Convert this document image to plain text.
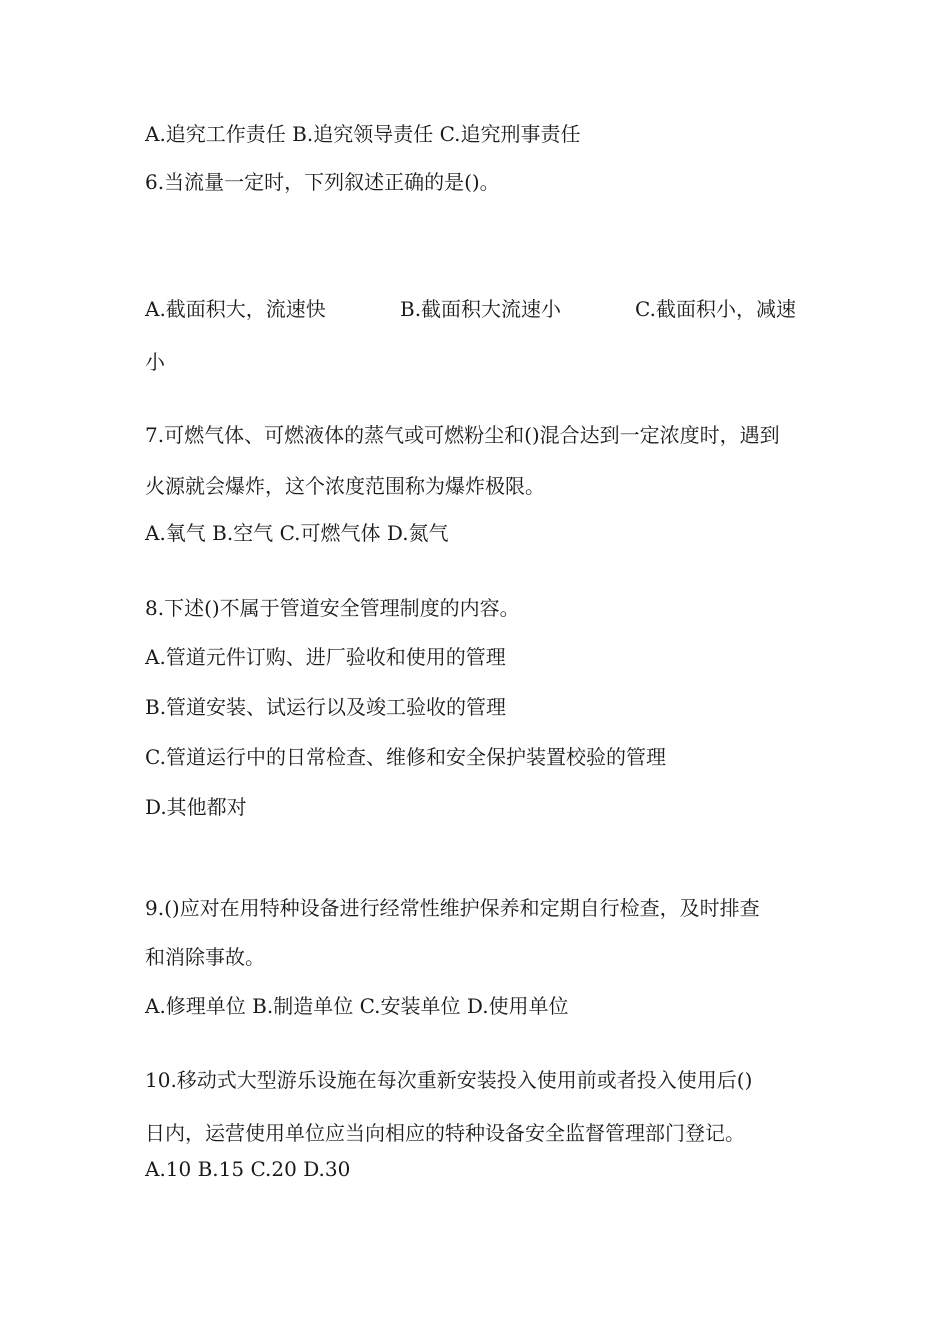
A.追究工作责任 B.追究领导责任 C.追究刑事责任
6.当流量一定时，下列叙述正确的是()。
A.截面积大，流速快	B.截面积大流速小	C.截面积小，减速
小
7.可燃气体、可燃液体的蒸气或可燃粉尘和()混合达到一定浓度时，遇到
火源就会爆炸，这个浓度范围称为爆炸极限。
A.氧气 B.空气 C.可燃气体 D.氮气
8.下述()不属于管道安全管理制度的内容。
A.管道元件订购、进厂验收和使用的管理
B.管道安装、试运行以及竣工验收的管理
C.管道运行中的日常检查、维修和安全保护装置校验的管理
D.其他都对
9.()应对在用特种设备进行经常性维护保养和定期自行检查，及时排查
和消除事故。
A.修理单位 B.制造单位 C.安装单位 D.使用单位
10.移动式大型游乐设施在每次重新安装投入使用前或者投入使用后()
日内，运营使用单位应当向相应的特种设备安全监督管理部门登记。
A.10 B.15 C.20 D.30
